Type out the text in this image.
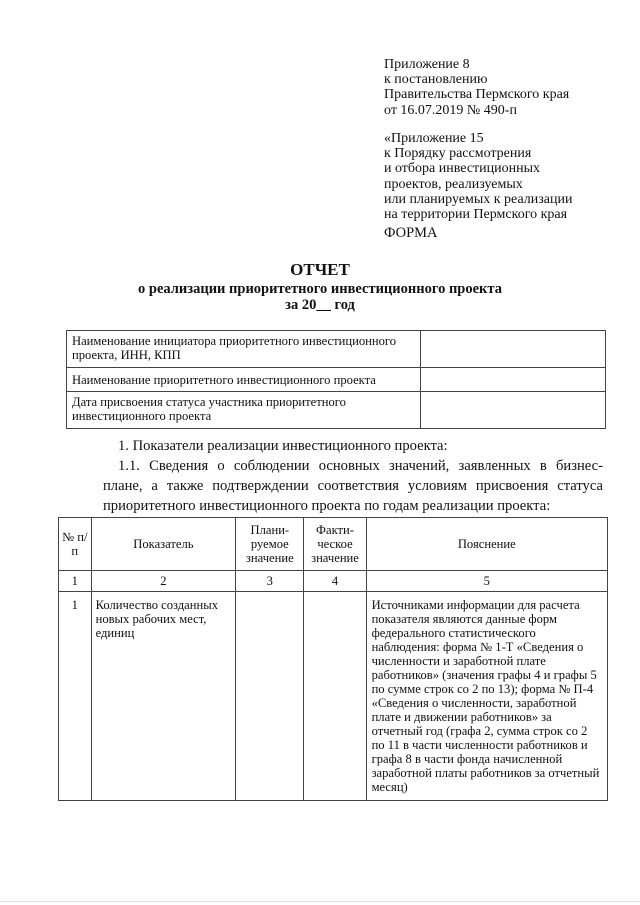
Приложение 8
к постановлению
Правительства Пермского края
от 16.07.2019 № 490-п
«Приложение 15
к Порядку рассмотрения
и отбора инвестиционных
проектов, реализуемых
или планируемых к реализации
на территории Пермского края
ФОРМА
ОТЧЕТ
о реализации приоритетного инвестиционного проекта
за 20__ год
Наименование инициатора приоритетного инвестиционного проекта, ИНН, КПП	
Наименование приоритетного инвестиционного проекта	
Дата присвоения статуса участника приоритетного инвестиционного проекта	
1. Показатели реализации инвестиционного проекта:
1.1. Сведения о соблюдении основных значений, заявленных в бизнес-
плане, а также подтверждении соответствия условиям присвоения статуса
приоритетного инвестиционного проекта по годам реализации проекта:
№ п/п	Показатель	Плани-руемое значение	Факти-ческое значение	Пояснение
1	2	3	4	5
1	Количество созданных новых рабочих мест, единиц			Источниками информации для расчета показателя являются данные форм федерального статистического наблюдения: форма № 1-Т «Сведения о численности и заработной плате работников» (значения графы 4 и графы 5 по сумме строк со 2 по 13); форма № П-4 «Сведения о численности, заработной плате и движении работников» за отчетный год (графа 2, сумма строк со 2 по 11 в части численности работников и графа 8 в части фонда начисленной заработной платы работников за отчетный месяц)
